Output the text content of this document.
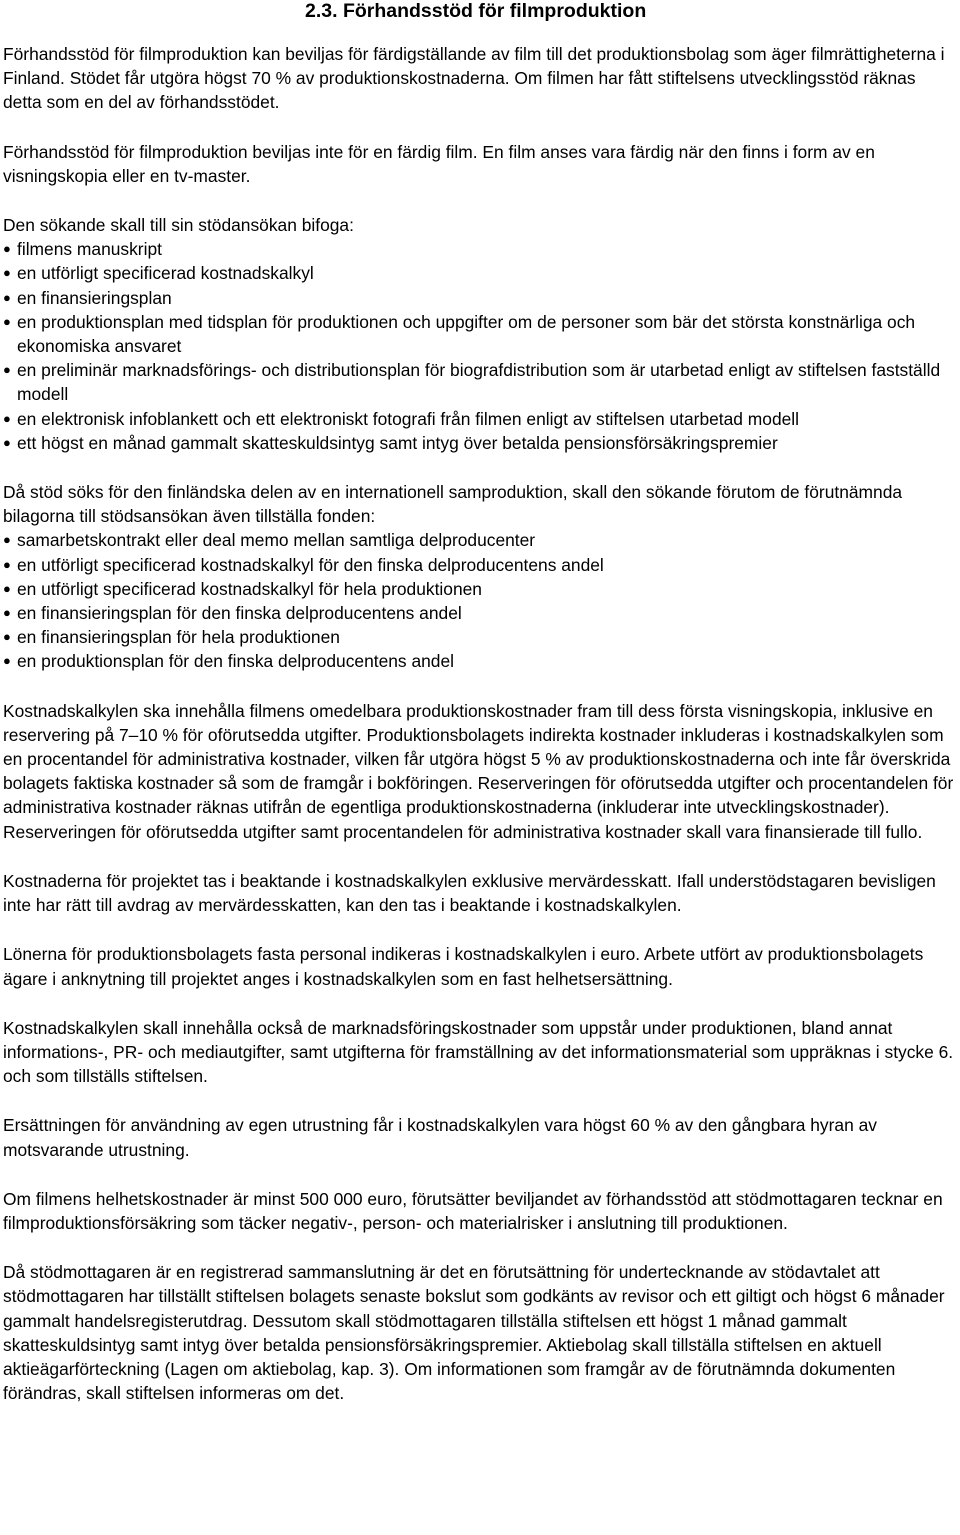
2.3. Förhandsstöd för filmproduktion

Förhandsstöd för filmproduktion kan beviljas för färdigställande av film till det produktionsbolag som äger filmrättigheterna i Finland. Stödet får utgöra högst 70 % av produktionskostnaderna. Om filmen har fått stiftelsens utvecklingsstöd räknas detta som en del av förhandsstödet.

Förhandsstöd för filmproduktion beviljas inte för en färdig film. En film anses vara färdig när den finns i form av en visningskopia eller en tv-master.

Den sökande skall till sin stödansökan bifoga:

● filmens manuskript
● en utförligt specificerad kostnadskalkyl
● en finansieringsplan
● en produktionsplan med tidsplan för produktionen och uppgifter om de personer som bär det största konstnärliga och ekonomiska ansvaret
● en preliminär marknadsförings- och distributionsplan för biografdistribution som är utarbetad enligt av stiftelsen fastställd modell
● en elektronisk infoblankett och ett elektroniskt fotografi från filmen enligt av stiftelsen utarbetad modell
● ett högst en månad gammalt skatteskuldsintyg samt intyg över betalda pensionsförsäkringspremier

Då stöd söks för den finländska delen av en internationell samproduktion, skall den sökande förutom de förutnämnda bilagorna till stödsansökan även tillställa fonden:

● samarbetskontrakt eller deal memo mellan samtliga delproducenter
● en utförligt specificerad kostnadskalkyl för den finska delproducentens andel
● en utförligt specificerad kostnadskalkyl för hela produktionen
● en finansieringsplan för den finska delproducentens andel
● en finansieringsplan för hela produktionen
● en produktionsplan för den finska delproducentens andel

Kostnadskalkylen ska innehålla filmens omedelbara produktionskostnader fram till dess första visningskopia, inklusive en reservering på 7–10 % för oförutsedda utgifter. Produktionsbolagets indirekta kostnader inkluderas i kostnadskalkylen som en procentandel för administrativa kostnader, vilken får utgöra högst 5 % av produktionskostnaderna och inte får överskrida bolagets faktiska kostnader så som de framgår i bokföringen. Reserveringen för oförutsedda utgifter och procentandelen för administrativa kostnader räknas utifrån de egentliga produktionskostnaderna (inkluderar inte utvecklingskostnader). Reserveringen för oförutsedda utgifter samt procentandelen för administrativa kostnader skall vara finansierade till fullo.

Kostnaderna för projektet tas i beaktande i kostnadskalkylen exklusive mervärdesskatt. Ifall understödstagaren bevisligen inte har rätt till avdrag av mervärdesskatten, kan den tas i beaktande i kostnadskalkylen.

Lönerna för produktionsbolagets fasta personal indikeras i kostnadskalkylen i euro. Arbete utfört av produktionsbolagets ägare i anknytning till projektet anges i kostnadskalkylen som en fast helhetsersättning.

Kostnadskalkylen skall innehålla också de marknadsföringskostnader som uppstår under produktionen, bland annat informations-, PR- och mediautgifter, samt utgifterna för framställning av det informationsmaterial som uppräknas i stycke 6. och som tillställs stiftelsen.

Ersättningen för användning av egen utrustning får i kostnadskalkylen vara högst 60 % av den gångbara hyran av motsvarande utrustning.

Om filmens helhetskostnader är minst 500 000 euro, förutsätter beviljandet av förhandsstöd att stödmottagaren tecknar en filmproduktionsförsäkring som täcker negativ-, person- och materialrisker i anslutning till produktionen.

Då stödmottagaren är en registrerad sammanslutning är det en förutsättning för undertecknande av stödavtalet att stödmottagaren har tillställt stiftelsen bolagets senaste bokslut som godkänts av revisor och ett giltigt och högst 6 månader gammalt handelsregisterutdrag. Dessutom skall stödmottagaren tillställa stiftelsen ett högst 1 månad gammalt skatteskuldsintyg samt intyg över betalda pensionsförsäkringspremier. Aktiebolag skall tillställa stiftelsen en aktuell aktieägarförteckning (Lagen om aktiebolag, kap. 3). Om informationen som framgår av de förutnämnda dokumenten förändras, skall stiftelsen informeras om det.
